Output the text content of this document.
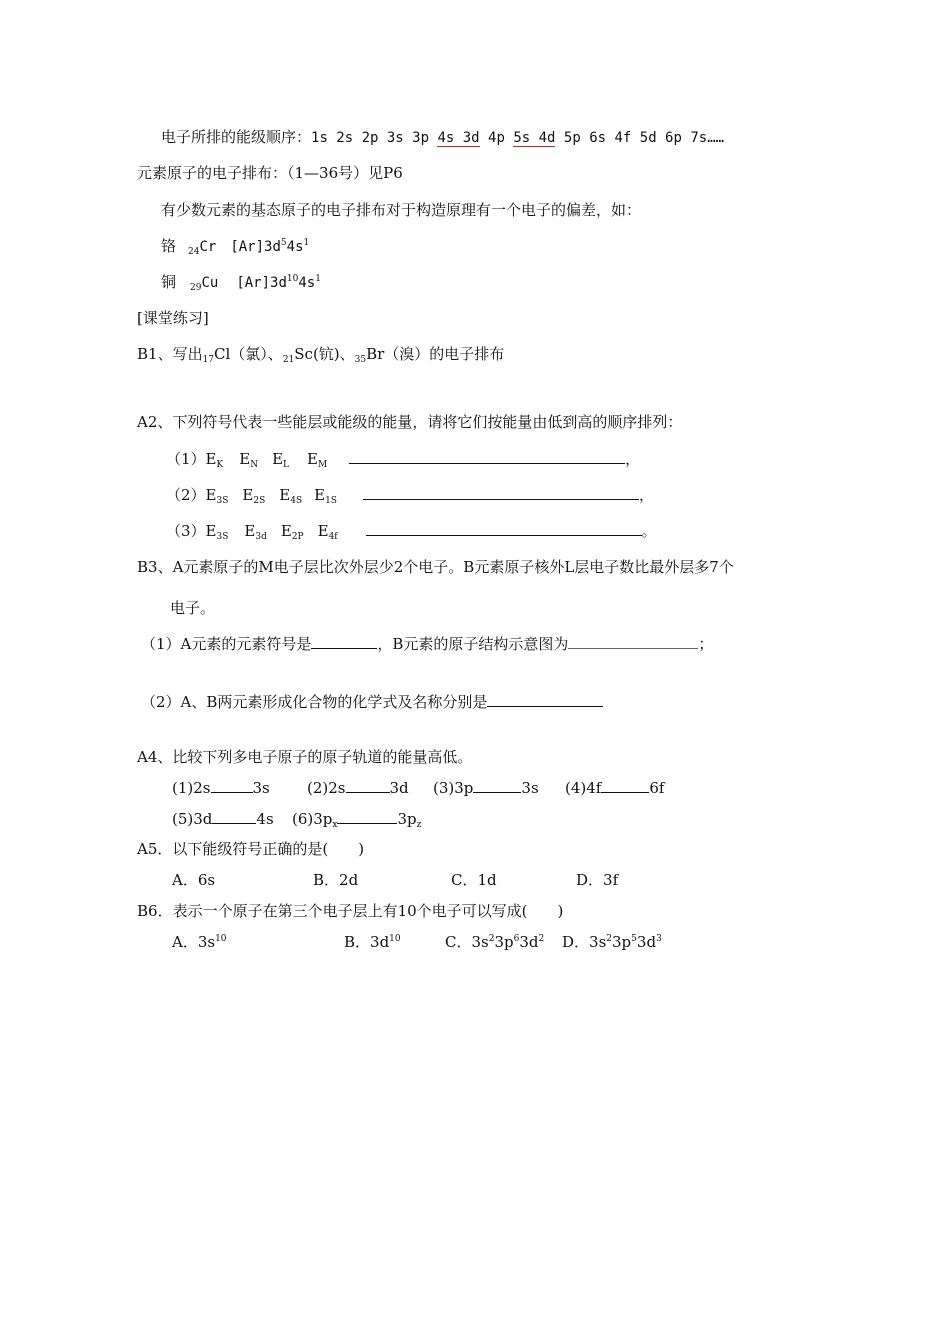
电子所排的能级顺序：1s 2s 2p 3s 3p 4s 3d 4p 5s 4d 5p 6s 4f 5d 6p 7s……
元素原子的电子排布：（1—36号）见P6
有少数元素的基态原子的电子排布对于构造原理有一个电子的偏差，如：
铬 $_{24}$Cr $[Ar]3d^54s^1$
铜 $_{29}$Cu $[Ar]3d^{10}4s^1$
[课堂练习]
B1、写出$_{17}$Cl（氯）、$_{21}$Sc(钪)、$_{35}$Br（溴）的电子排布
A2、下列符号代表一些能层或能级的能量，请将它们按能量由低到高的顺序排列：
$(1)E_K$ $E_N$ $E_L$ $E_M$	，
$(2)E_{3S}$ $E_{2S}$ $E_{4S}$ $E_{1S}$	，
$(3)E_{3S}$ $E_{3d}$ $E_{2P}$ $E_{4f}$	。
B3、A元素原子的M电子层比次外层少2个电子。B元素原子核外L层电子数比最外层多7个
电子。
（1）A元素的元素符号是	，B元素的原子结构示意图为	；
（2）A、B两元素形成化合物的化学式及名称分别是
A4、比较下列多电子原子的原子轨道的能量高低。
(1)2s	3s (2)2s	3d (3)3p	3s (4)4f	6f
(5)3d	4s $(6)3p_x$	$3p_z$
A5．以下能级符号正确的是(　　)
A．6s	B．2d	C．1d	D．3f
B6．表示一个原子在第三个电子层上有10个电子可以写成(　　)
A．$3s^{10}$	B．$3d^{10}$	C．$3s^23p^63d^2$ D．$3s^23p^53d^3$
